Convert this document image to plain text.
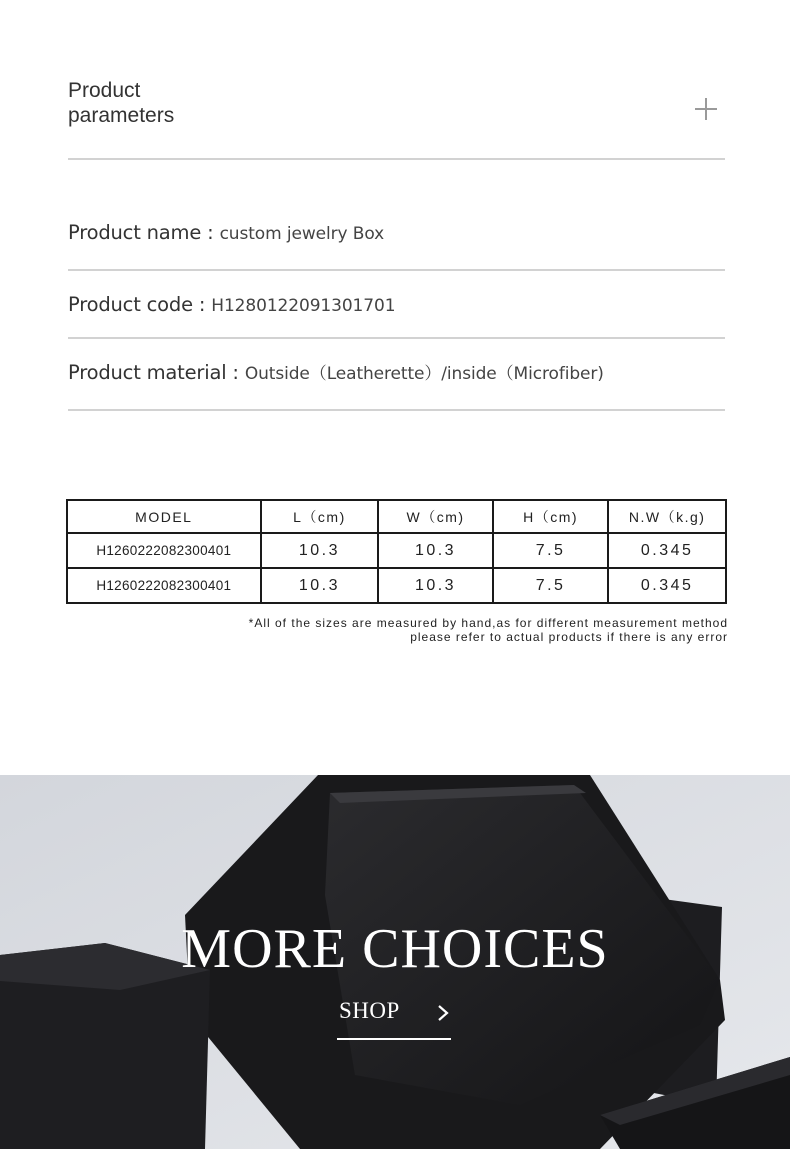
Product parameters
Product name : custom jewelry Box
Product code : H1280122091301701
Product material : Outside（Leatherette）/inside（Microfiber)
MODEL	L（cm)	W（cm)	H（cm)	N.W（k.g)
H1260222082300401	10.3	10.3	7.5	0.345
H1260222082300401	10.3	10.3	7.5	0.345
*All of the sizes are measured by hand,as for different measurement method
please refer to actual products if there is any error
MORE CHOICES
SHOP
